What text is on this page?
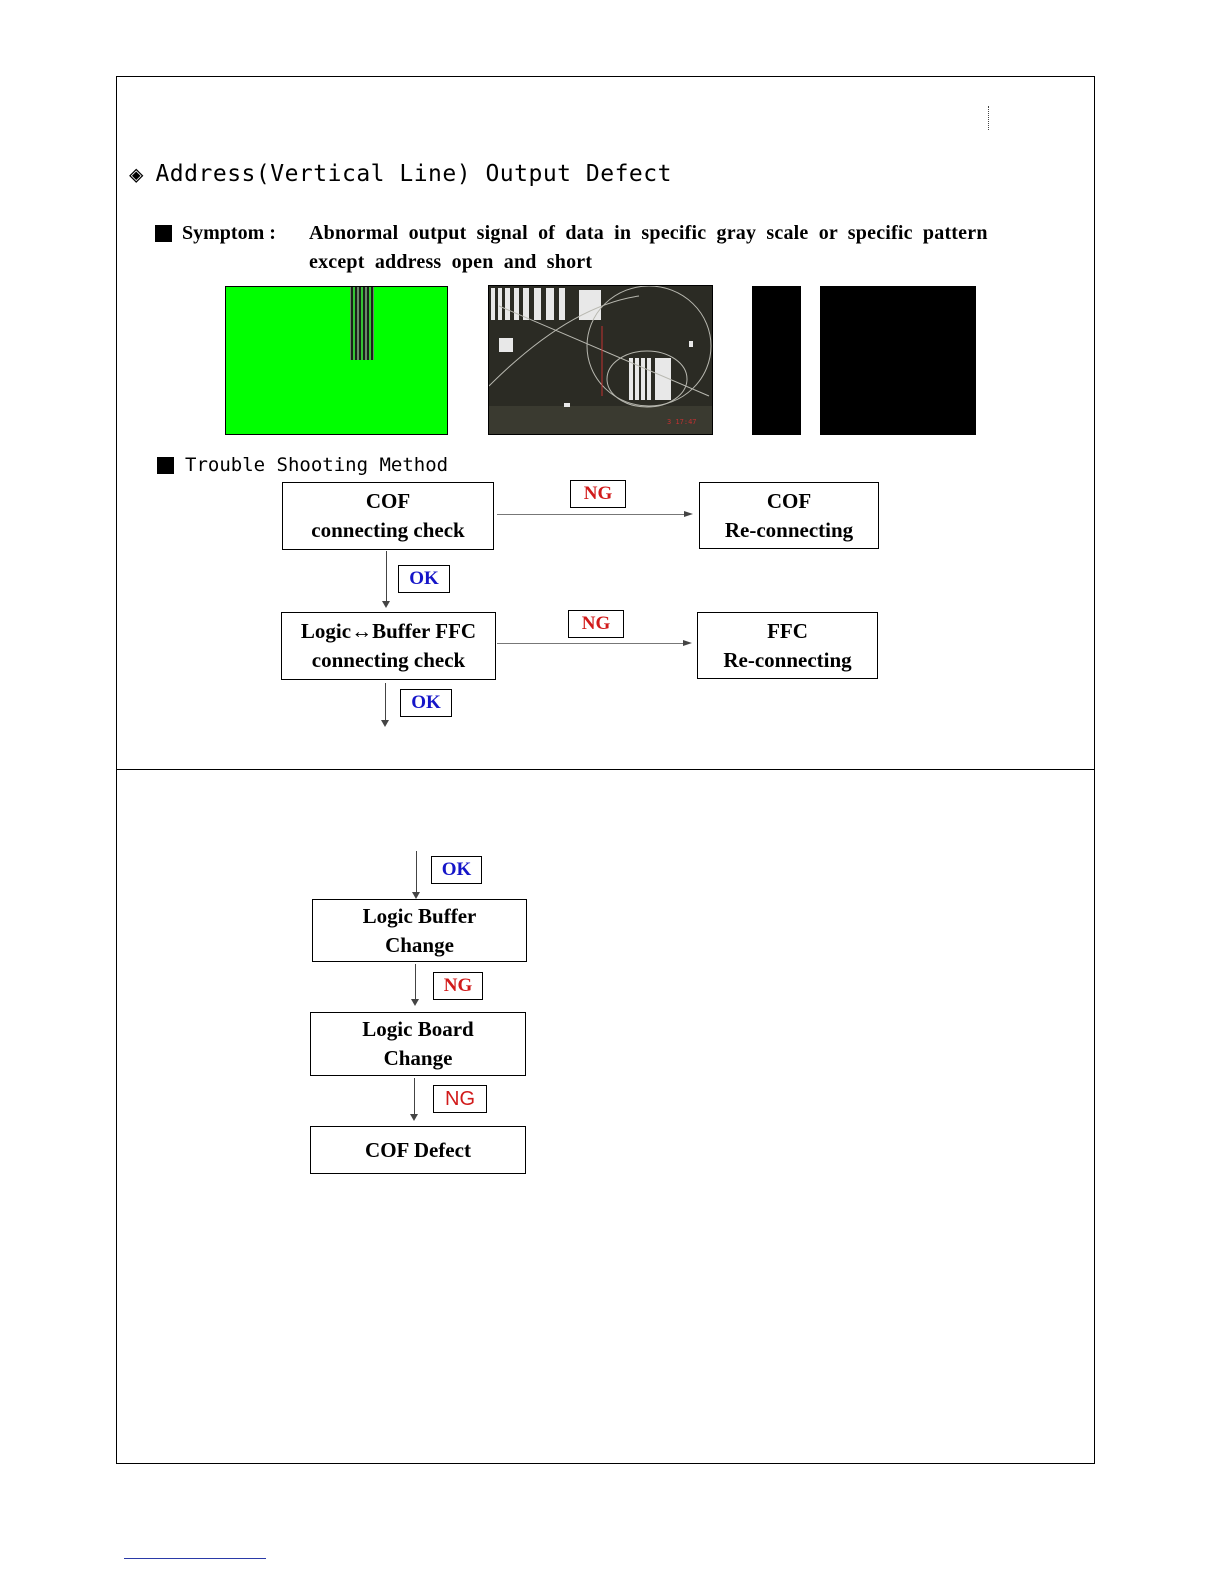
◈ Address(Vertical Line) Output Defect
Symptom : Abnormal output signal of data in specific gray scale or specific pattern
except address open and short
3 17:47
Trouble Shooting Method
COF
connecting check
NG	COF
Re-connecting
OK
Logic↔Buffer FFC
connecting check
NG	FFC
Re-connecting
OK
OK
Logic Buffer
Change
NG
Logic Board
Change
NG
COF Defect
